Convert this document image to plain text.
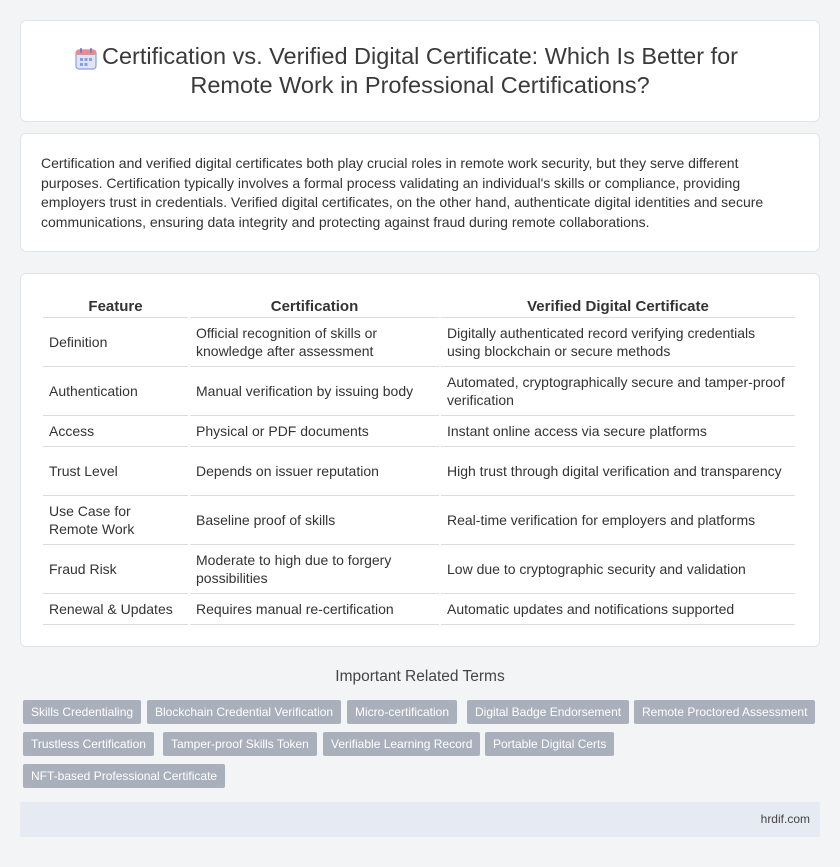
Certification vs. Verified Digital Certificate: Which Is Better for Remote Work in Professional Certifications?

Certification and verified digital certificates both play crucial roles in remote work security, but they serve different purposes. Certification typically involves a formal process validating an individual's skills or compliance, providing employers trust in credentials. Verified digital certificates, on the other hand, authenticate digital identities and secure communications, ensuring data integrity and protecting against fraud during remote collaborations.

Feature	Certification	Verified Digital Certificate
Definition	Official recognition of skills or knowledge after assessment	Digitally authenticated record verifying credentials using blockchain or secure methods
Authentication	Manual verification by issuing body	Automated, cryptographically secure and tamper-proof verification
Access	Physical or PDF documents	Instant online access via secure platforms
Trust Level	Depends on issuer reputation	High trust through digital verification and transparency
Use Case for Remote Work	Baseline proof of skills	Real-time verification for employers and platforms
Fraud Risk	Moderate to high due to forgery possibilities	Low due to cryptographic security and validation
Renewal & Updates	Requires manual re-certification	Automatic updates and notifications supported
Important Related Terms
Skills Credentialing	Blockchain Credential Verification	Micro-certification	Digital Badge Endorsement	Remote Proctored Assessment
Trustless Certification	Tamper-proof Skills Token	Verifiable Learning Record	Portable Digital Certs
NFT-based Professional Certificate
hrdif.com
